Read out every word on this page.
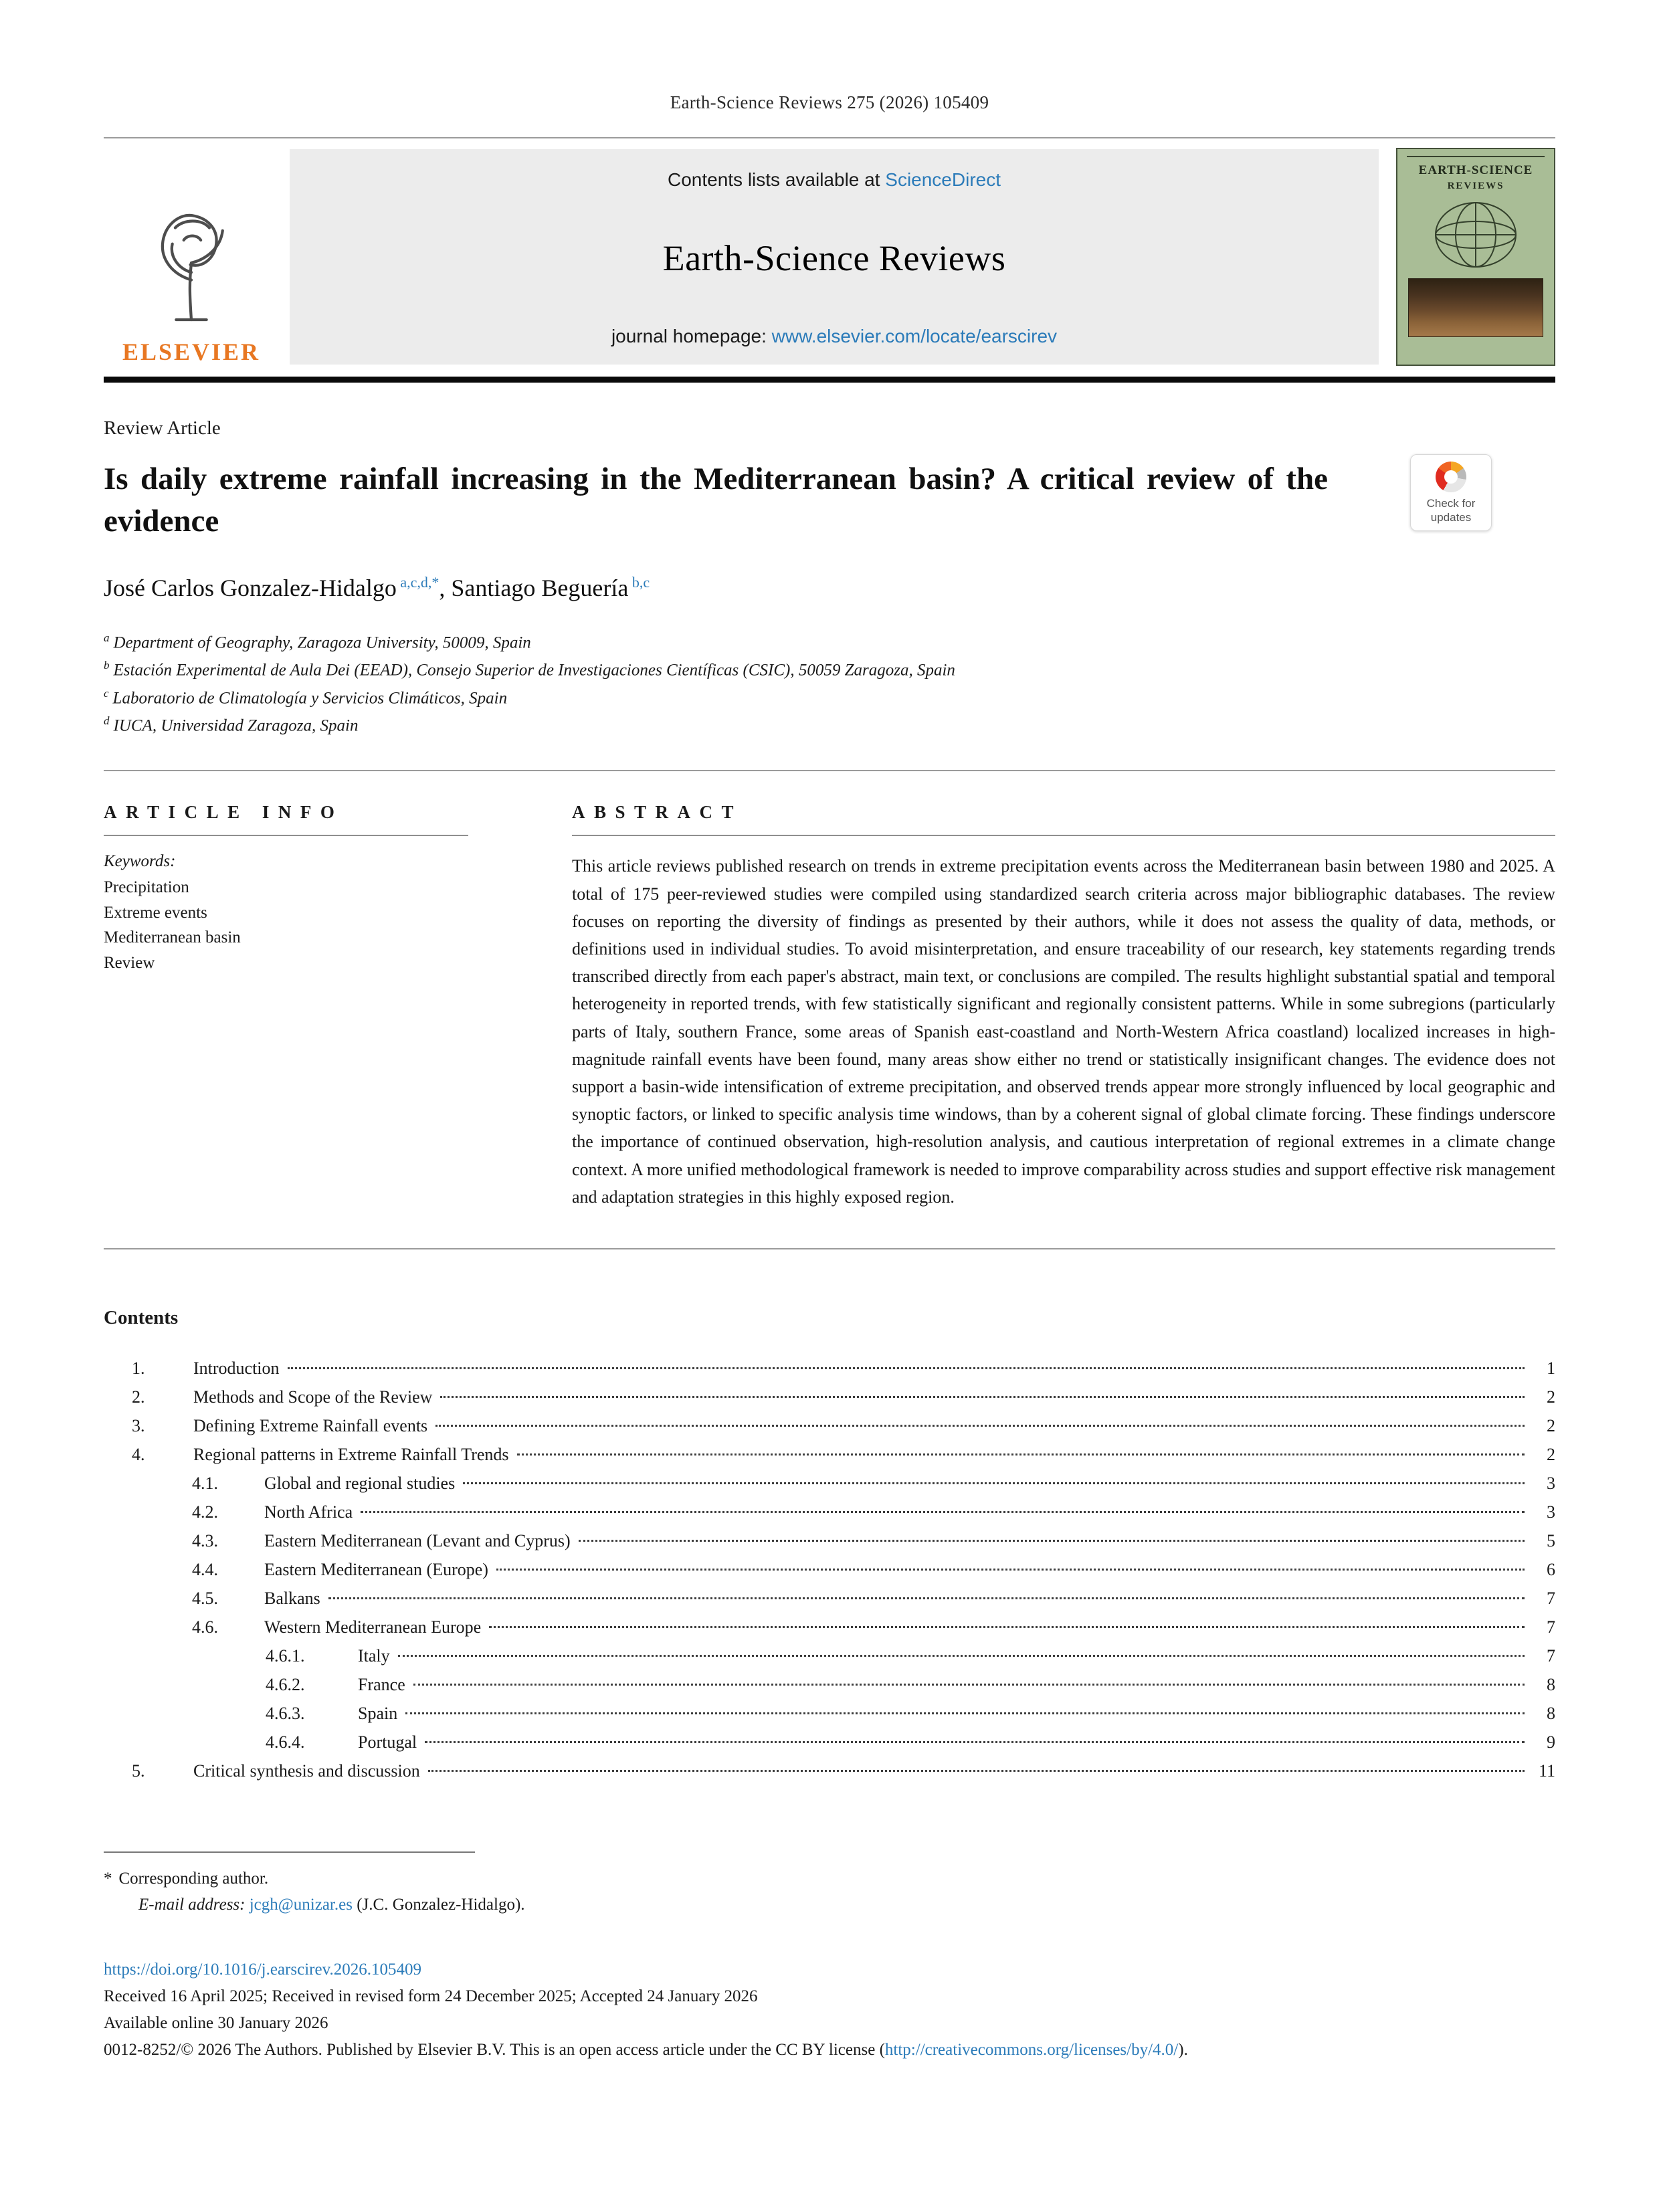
Earth-Science Reviews 275 (2026) 105409
ELSEVIER
Contents lists available at ScienceDirect
Earth-Science Reviews
journal homepage: www.elsevier.com/locate/earscirev
EARTH-SCIENCE
REVIEWS
Review Article
Is daily extreme rainfall increasing in the Mediterranean basin? A critical review of the evidence	Check for
updates
José Carlos Gonzalez-Hidalgo $^{a,c,d,*}$, Santiago Beguería $^{b,c}$
$^a$ Department of Geography, Zaragoza University, 50009, Spain
$^b$ Estación Experimental de Aula Dei (EEAD), Consejo Superior de Investigaciones Científicas (CSIC), 50059 Zaragoza, Spain
$^c$ Laboratorio de Climatología y Servicios Climáticos, Spain
$^d$ IUCA, Universidad Zaragoza, Spain
ARTICLE INFO
Keywords:
Precipitation
Extreme events
Mediterranean basin
Review
ABSTRACT
This article reviews published research on trends in extreme precipitation events across the Mediterranean basin between 1980 and 2025. A total of 175 peer-reviewed studies were compiled using standardized search criteria across major bibliographic databases. The review focuses on reporting the diversity of findings as presented by their authors, while it does not assess the quality of data, methods, or definitions used in individual studies. To avoid misinterpretation, and ensure traceability of our research, key statements regarding trends transcribed directly from each paper's abstract, main text, or conclusions are compiled. The results highlight substantial spatial and temporal heterogeneity in reported trends, with few statistically significant and regionally consistent patterns. While in some subregions (particularly parts of Italy, southern France, some areas of Spanish east-coastland and North-Western Africa coastland) localized increases in high-magnitude rainfall events have been found, many areas show either no trend or statistically insignificant changes. The evidence does not support a basin-wide intensification of extreme precipitation, and observed trends appear more strongly influenced by local geographic and synoptic factors, or linked to specific analysis time windows, than by a coherent signal of global climate forcing. These findings underscore the importance of continued observation, high-resolution analysis, and cautious interpretation of regional extremes in a climate change context. A more unified methodological framework is needed to improve comparability across studies and support effective risk management and adaptation strategies in this highly exposed region.
Contents
1.	Introduction	1
2.	Methods and Scope of the Review	2
3.	Defining Extreme Rainfall events	2
4.	Regional patterns in Extreme Rainfall Trends	2
4.1.	Global and regional studies	3
4.2.	North Africa	3
4.3.	Eastern Mediterranean (Levant and Cyprus)	5
4.4.	Eastern Mediterranean (Europe)	6
4.5.	Balkans	7
4.6.	Western Mediterranean Europe	7
4.6.1.	Italy	7
4.6.2.	France	8
4.6.3.	Spain	8
4.6.4.	Portugal	9
5.	Critical synthesis and discussion	11
* Corresponding author.
E-mail address: jcgh@unizar.es (J.C. Gonzalez-Hidalgo).
https://doi.org/10.1016/j.earscirev.2026.105409
Received 16 April 2025; Received in revised form 24 December 2025; Accepted 24 January 2026
Available online 30 January 2026
0012-8252/© 2026 The Authors. Published by Elsevier B.V. This is an open access article under the CC BY license (http://creativecommons.org/licenses/by/4.0/).
